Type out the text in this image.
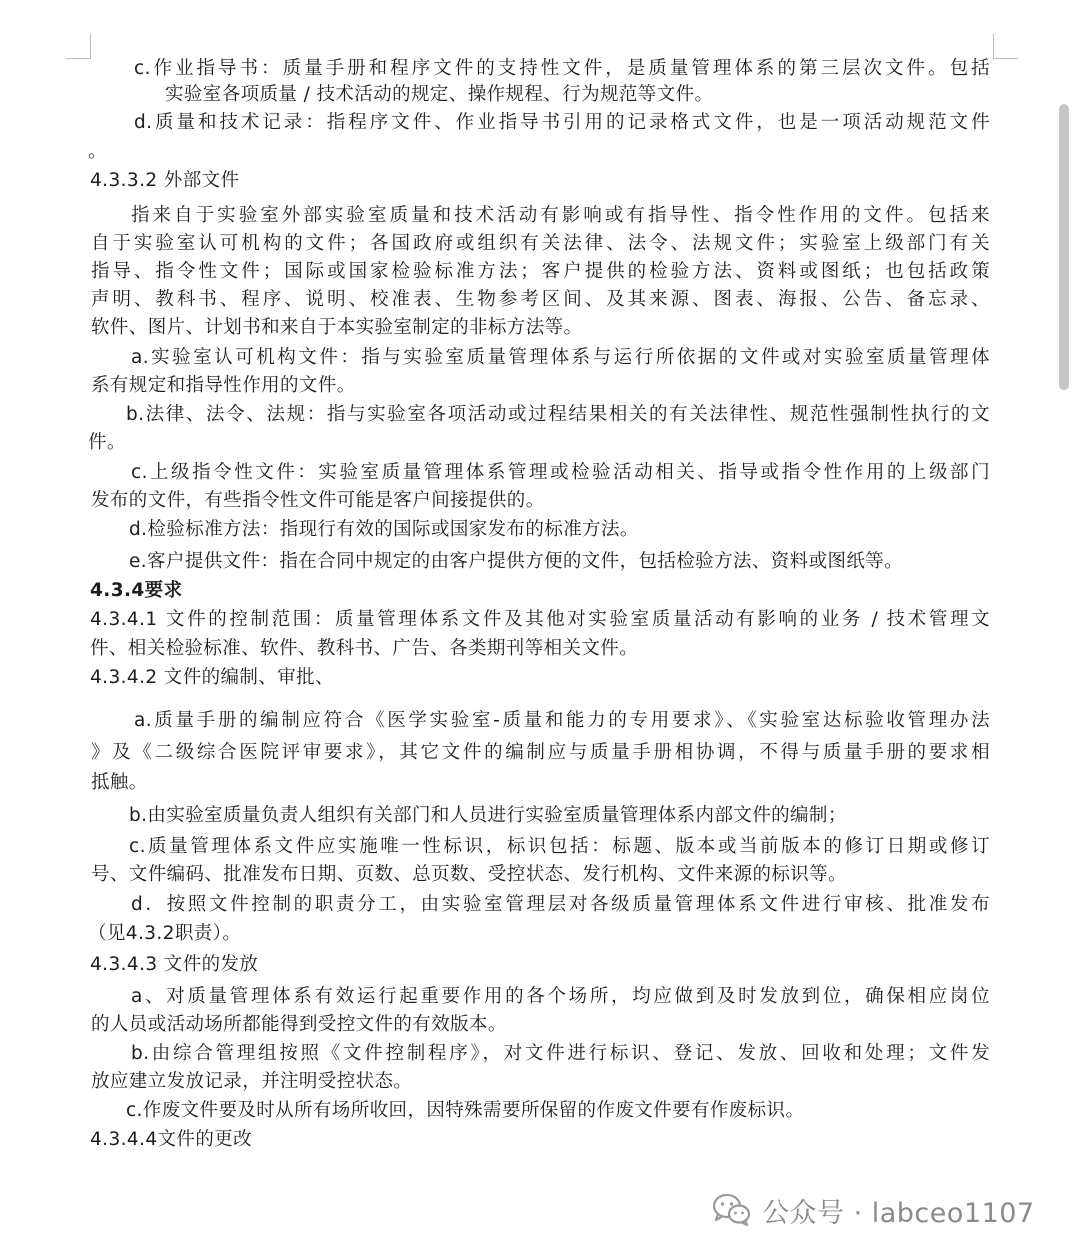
c.作业指导书：质量手册和程序文件的支持性文件，是质量管理体系的第三层次文件。包括
实验室各项质量 / 技术活动的规定、操作规程、行为规范等文件。
d.质量和技术记录：指程序文件、作业指导书引用的记录格式文件，也是一项活动规范文件
。
4.3.3.2 外部文件
指来自于实验室外部实验室质量和技术活动有影响或有指导性、指令性作用的文件。包括来
自于实验室认可机构的文件；各国政府或组织有关法律、法令、法规文件；实验室上级部门有关
指导、指令性文件；国际或国家检验标准方法；客户提供的检验方法、资料或图纸；也包括政策
声明、教科书、程序、说明、校准表、生物参考区间、及其来源、图表、海报、公告、备忘录、
软件、图片、计划书和来自于本实验室制定的非标方法等。
a.实验室认可机构文件：指与实验室质量管理体系与运行所依据的文件或对实验室质量管理体
系有规定和指导性作用的文件。
b.法律、法令、法规：指与实验室各项活动或过程结果相关的有关法律性、规范性强制性执行的文
件。
c.上级指令性文件：实验室质量管理体系管理或检验活动相关、指导或指令性作用的上级部门
发布的文件，有些指令性文件可能是客户间接提供的。
d.检验标准方法：指现行有效的国际或国家发布的标准方法。
e.客户提供文件：指在合同中规定的由客户提供方便的文件，包括检验方法、资料或图纸等。
4.3.4要求
4.3.4.1 文件的控制范围：质量管理体系文件及其他对实验室质量活动有影响的业务 / 技术管理文
件、相关检验标准、软件、教科书、广告、各类期刊等相关文件。
4.3.4.2 文件的编制、审批、
a.质量手册的编制应符合《医学实验室-质量和能力的专用要求》、《实验室达标验收管理办法
》及《二级综合医院评审要求》，其它文件的编制应与质量手册相协调，不得与质量手册的要求相
抵触。
b.由实验室质量负责人组织有关部门和人员进行实验室质量管理体系内部文件的编制；
c.质量管理体系文件应实施唯一性标识，标识包括：标题、版本或当前版本的修订日期或修订
号、文件编码、批准发布日期、页数、总页数、受控状态、发行机构、文件来源的标识等。
d．按照文件控制的职责分工，由实验室管理层对各级质量管理体系文件进行审核、批准发布
（见4.3.2职责）。
4.3.4.3 文件的发放
a、对质量管理体系有效运行起重要作用的各个场所，均应做到及时发放到位，确保相应岗位
的人员或活动场所都能得到受控文件的有效版本。
b.由综合管理组按照《文件控制程序》，对文件进行标识、登记、发放、回收和处理；文件发
放应建立发放记录，并注明受控状态。
c.作废文件要及时从所有场所收回，因特殊需要所保留的作废文件要有作废标识。
4.3.4.4文件的更改
公众号 · labceo1107
